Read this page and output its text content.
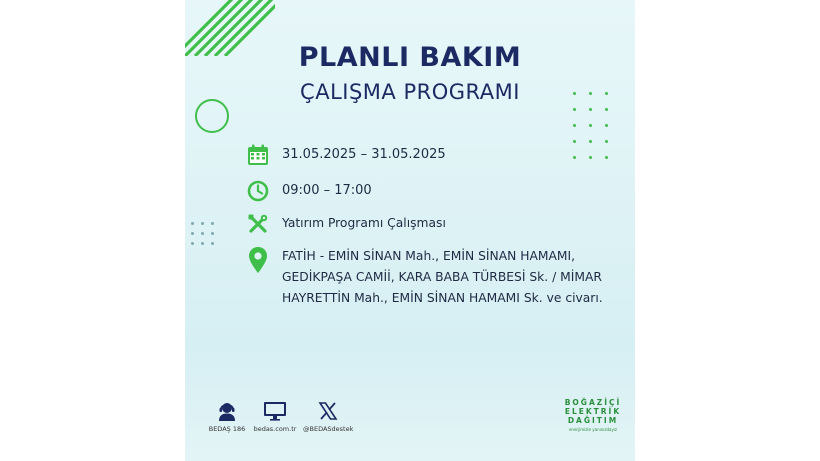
PLANLI BAKIM
ÇALIŞMA PROGRAMI
31.05.2025 – 31.05.2025
09:00 – 17:00
Yatırım Programı Çalışması
FATİH - EMİN SİNAN Mah., EMİN SİNAN HAMAMI, GEDİKPAŞA CAMİİ, KARA BABA TÜRBESİ Sk. / MİMAR HAYRETTİN Mah., EMİN SİNAN HAMAMI Sk. ve civarı.
BEDAŞ 186 bedas.com.tr @BEDASdestek
BOĞAZİÇİ
ELEKTRİK
DAĞITIM
enerjimizle yanınızdayız
